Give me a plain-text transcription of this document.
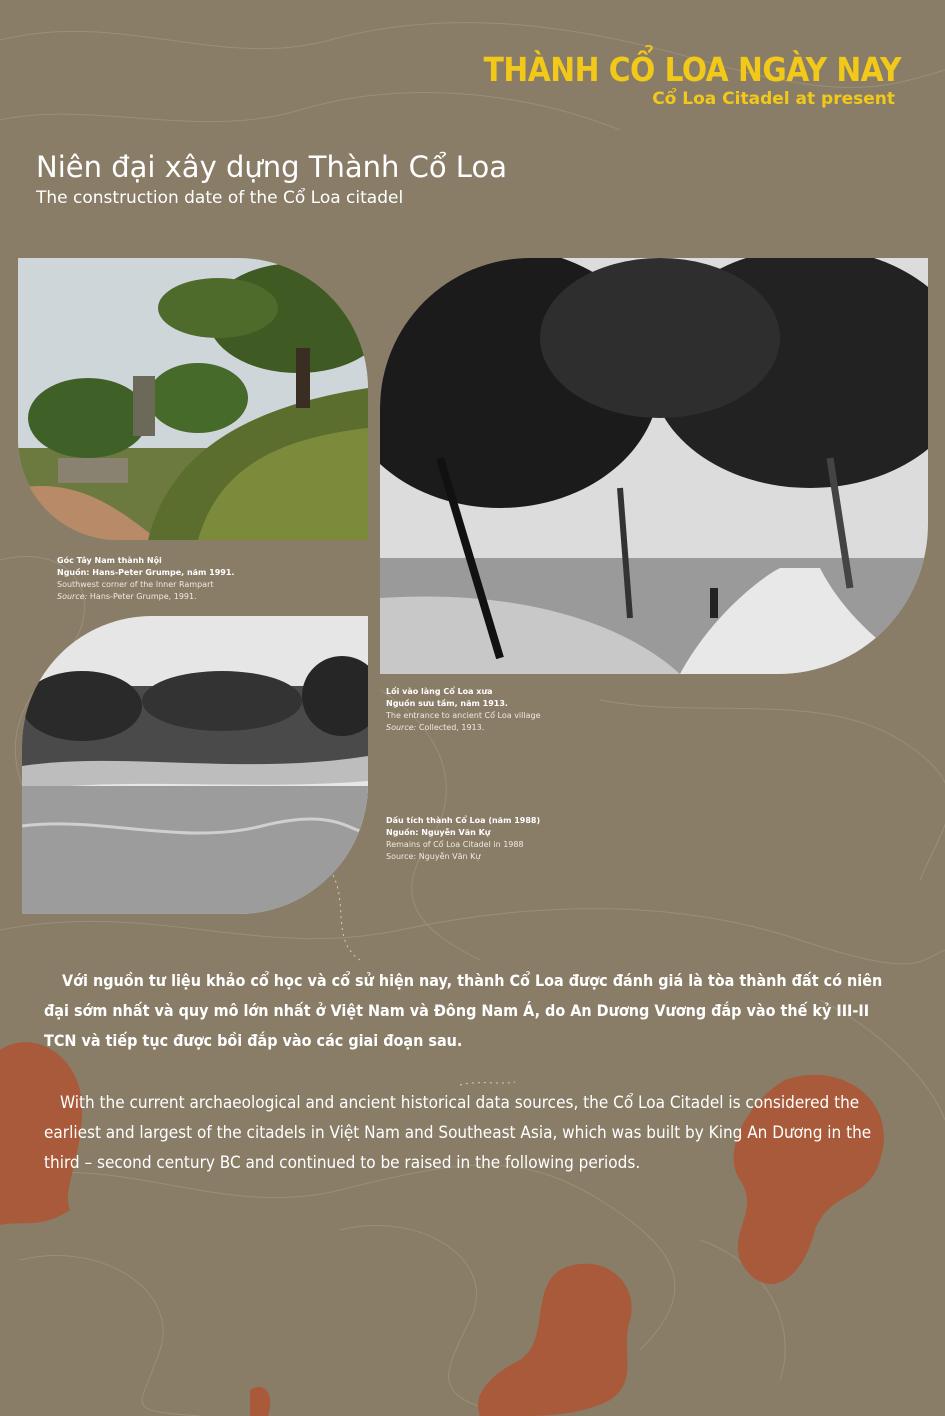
THÀNH CỔ LOA NGÀY NAY
Cổ Loa Citadel at present
Niên đại xây dựng Thành Cổ Loa
The construction date of the Cổ Loa citadel
Góc Tây Nam thành Nội
Nguồn: Hans-Peter Grumpe, năm 1991.
Southwest corner of the Inner Rampart
Source: Hans-Peter Grumpe, 1991.
Lối vào làng Cổ Loa xưa
Nguồn sưu tầm, năm 1913.
The entrance to ancient Cổ Loa village
Source: Collected, 1913.
Dấu tích thành Cổ Loa (năm 1988)
Nguồn: Nguyễn Văn Kự
Remains of Cổ Loa Citadel in 1988
Source: Nguyễn Văn Kự

Với nguồn tư liệu khảo cổ học và cổ sử hiện nay, thành Cổ Loa được đánh giá là tòa thành đất có niên đại sớm nhất và quy mô lớn nhất ở Việt Nam và Đông Nam Á, do An Dương Vương đắp vào thế kỷ III-II TCN và tiếp tục được bồi đắp vào các giai đoạn sau.

With the current archaeological and ancient historical data sources, the Cổ Loa Citadel is considered the earliest and largest of the citadels in Việt Nam and Southeast Asia, which was built by King An Dương in the third – second century BC and continued to be raised in the following periods.
